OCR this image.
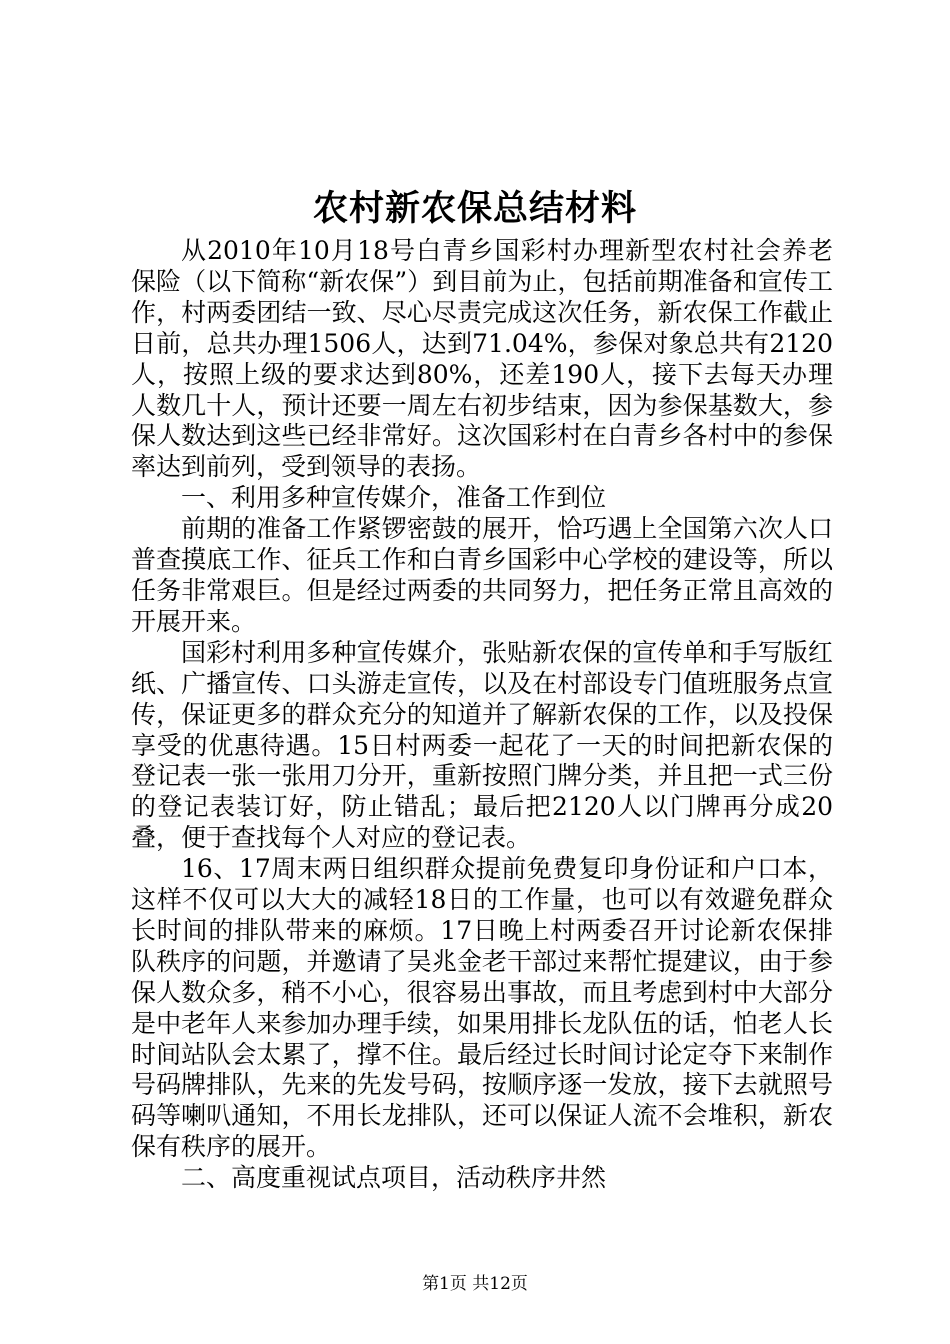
农村新农保总结材料

从2010年10月18号白青乡国彩村办理新型农村社会养老保险（以下简称“新农保”）到目前为止，包括前期准备和宣传工作，村两委团结一致、尽心尽责完成这次任务，新农保工作截止日前，总共办理1506人，达到71.04%，参保对象总共有2120人，按照上级的要求达到80%，还差190人，接下去每天办理人数几十人，预计还要一周左右初步结束，因为参保基数大，参保人数达到这些已经非常好。这次国彩村在白青乡各村中的参保率达到前列，受到领导的表扬。

一、利用多种宣传媒介，准备工作到位

前期的准备工作紧锣密鼓的展开，恰巧遇上全国第六次人口普查摸底工作、征兵工作和白青乡国彩中心学校的建设等，所以任务非常艰巨。但是经过两委的共同努力，把任务正常且高效的开展开来。

国彩村利用多种宣传媒介，张贴新农保的宣传单和手写版红纸、广播宣传、口头游走宣传，以及在村部设专门值班服务点宣传，保证更多的群众充分的知道并了解新农保的工作，以及投保享受的优惠待遇。15日村两委一起花了一天的时间把新农保的登记表一张一张用刀分开，重新按照门牌分类，并且把一式三份的登记表装订好，防止错乱；最后把2120人以门牌再分成20叠，便于查找每个人对应的登记表。

16、17周末两日组织群众提前免费复印身份证和户口本，这样不仅可以大大的减轻18日的工作量，也可以有效避免群众长时间的排队带来的麻烦。17日晚上村两委召开讨论新农保排队秩序的问题，并邀请了吴兆金老干部过来帮忙提建议，由于参保人数众多，稍不小心，很容易出事故，而且考虑到村中大部分是中老年人来参加办理手续，如果用排长龙队伍的话，怕老人长时间站队会太累了，撑不住。最后经过长时间讨论定夺下来制作号码牌排队，先来的先发号码，按顺序逐一发放，接下去就照号码等喇叭通知，不用长龙排队，还可以保证人流不会堆积，新农保有秩序的展开。

二、高度重视试点项目，活动秩序井然

第1页 共12页
